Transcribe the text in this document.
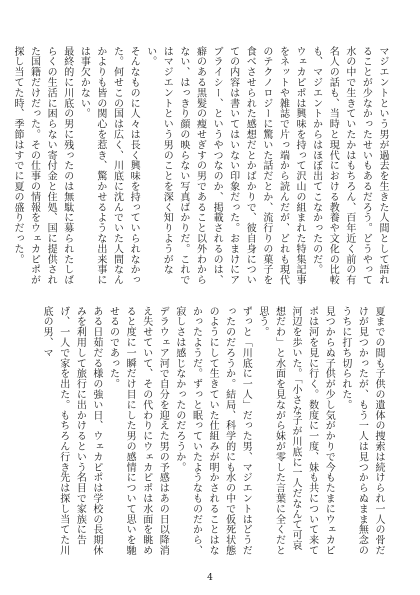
マジエントという男が過去を生きた人間として語れることが少なかったせいもあるだろう。どうやって水の中で生きていたかはもちろん、百年近く前の有名人の話も、当時と現代における教養や文化の比較も、マジエントからはほぼ出てこなかったのだ。

ウェカピポは興味を持って沢山の組まれた特集記事をネットや雑誌で片っ端から読んだが、どれも現代のテクノロジーに驚いた話だとか、流行りの菓子を食べさせられた感想だとかばかりで、彼自身についての内容は書いてはいない印象だった。おまけにアブライシー、というやつなのか、掲載されるのは、癖のある黒髪の瘦せぎすの男であること以外わからない、はっきり顔の映らない写真ばかりだ。これではマジエントという男のことを深く知りようがない。

そんなものに人々は長く興味を持っていられなかった。何せこの国は広く、川底に沈んでいた人間なんかよりも皆の関心を惹き、驚かせるような出来事には事欠かない。

最終的に川底の男に残ったのは無駄に募られたしばらくの生活に困らない寄付金と住処、国に提供された国籍だけだった。その仕事の情報をウェカピポが探し当てた時、季節はすでに夏の盛りだった。

夏までの間も子供の遺体の捜索は続けられ一人の骨だけが見つかったが、もう一人は見つからぬまま無念のうちに打ち切られた。

見つからぬ子供が少し気がかりで今もたまにウェカピポは河を見に行く。数度に一度、妹も共について来て河辺を歩いた。「小さな子が川底に一人だなんて可哀想だわ」と水面を見ながら妹が零した言葉に全くだと思う。

ずっと「川底に一人」だった男、マジエントはどうだったのだろうか。結局、科学的にも水の中で仮死状態のようにして生きていた仕組みが明かされることはなかったようだ。ずっと眠っていたようなものだから、寂しさは感じなかったのだろうか。

デラウェア河で自分を迎えた男の予感はあの日以降消え失せていて、その代わりにウェカピポは水面を眺めると度に一瞬だけ目にした男の感情について思いを馳せるのであった。

ある日茹だる様の強い日、ウェカピポは学校の長期休みを利用して旅行に出かけるという名目で家族に告げ、一人で家を出た。もちろん行き先は探し当てた川底の男、マ

4
